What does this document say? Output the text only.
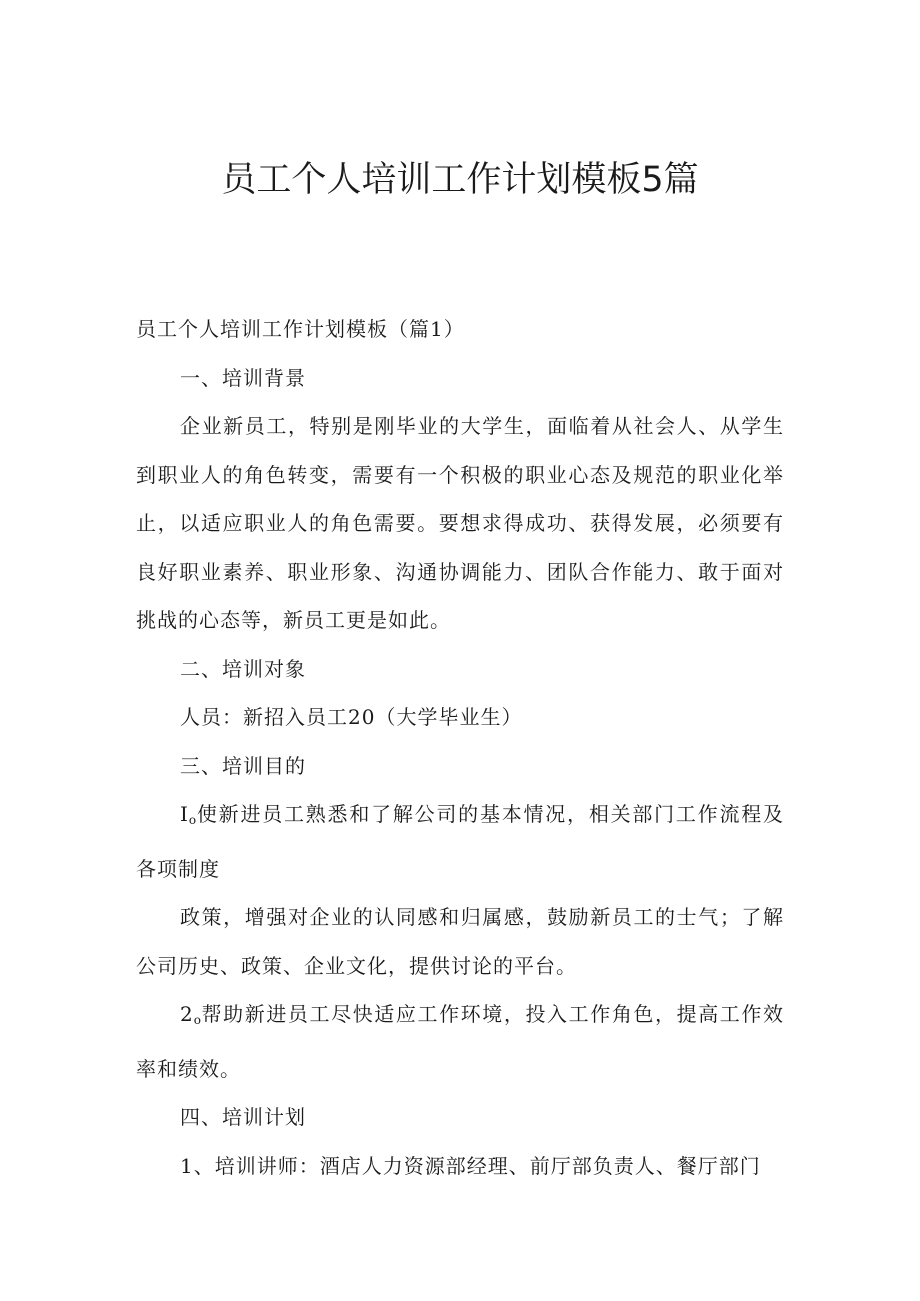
员工个人培训工作计划模板5篇

员工个人培训工作计划模板（篇1）

一、培训背景

企业新员工，特别是刚毕业的大学生，面临着从社会人、从学生到职业人的角色转变，需要有一个积极的职业心态及规范的职业化举止，以适应职业人的角色需要。要想求得成功、获得发展，必须要有良好职业素养、职业形象、沟通协调能力、团队合作能力、敢于面对挑战的心态等，新员工更是如此。

二、培训对象

人员：新招入员工20（大学毕业生）

三、培训目的

Io使新进员工熟悉和了解公司的基本情况，相关部门工作流程及各项制度

政策，增强对企业的认同感和归属感，鼓励新员工的士气；了解公司历史、政策、企业文化，提供讨论的平台。

2o帮助新进员工尽快适应工作环境，投入工作角色，提高工作效率和绩效。

四、培训计划

1、培训讲师：酒店人力资源部经理、前厅部负责人、餐厅部门
